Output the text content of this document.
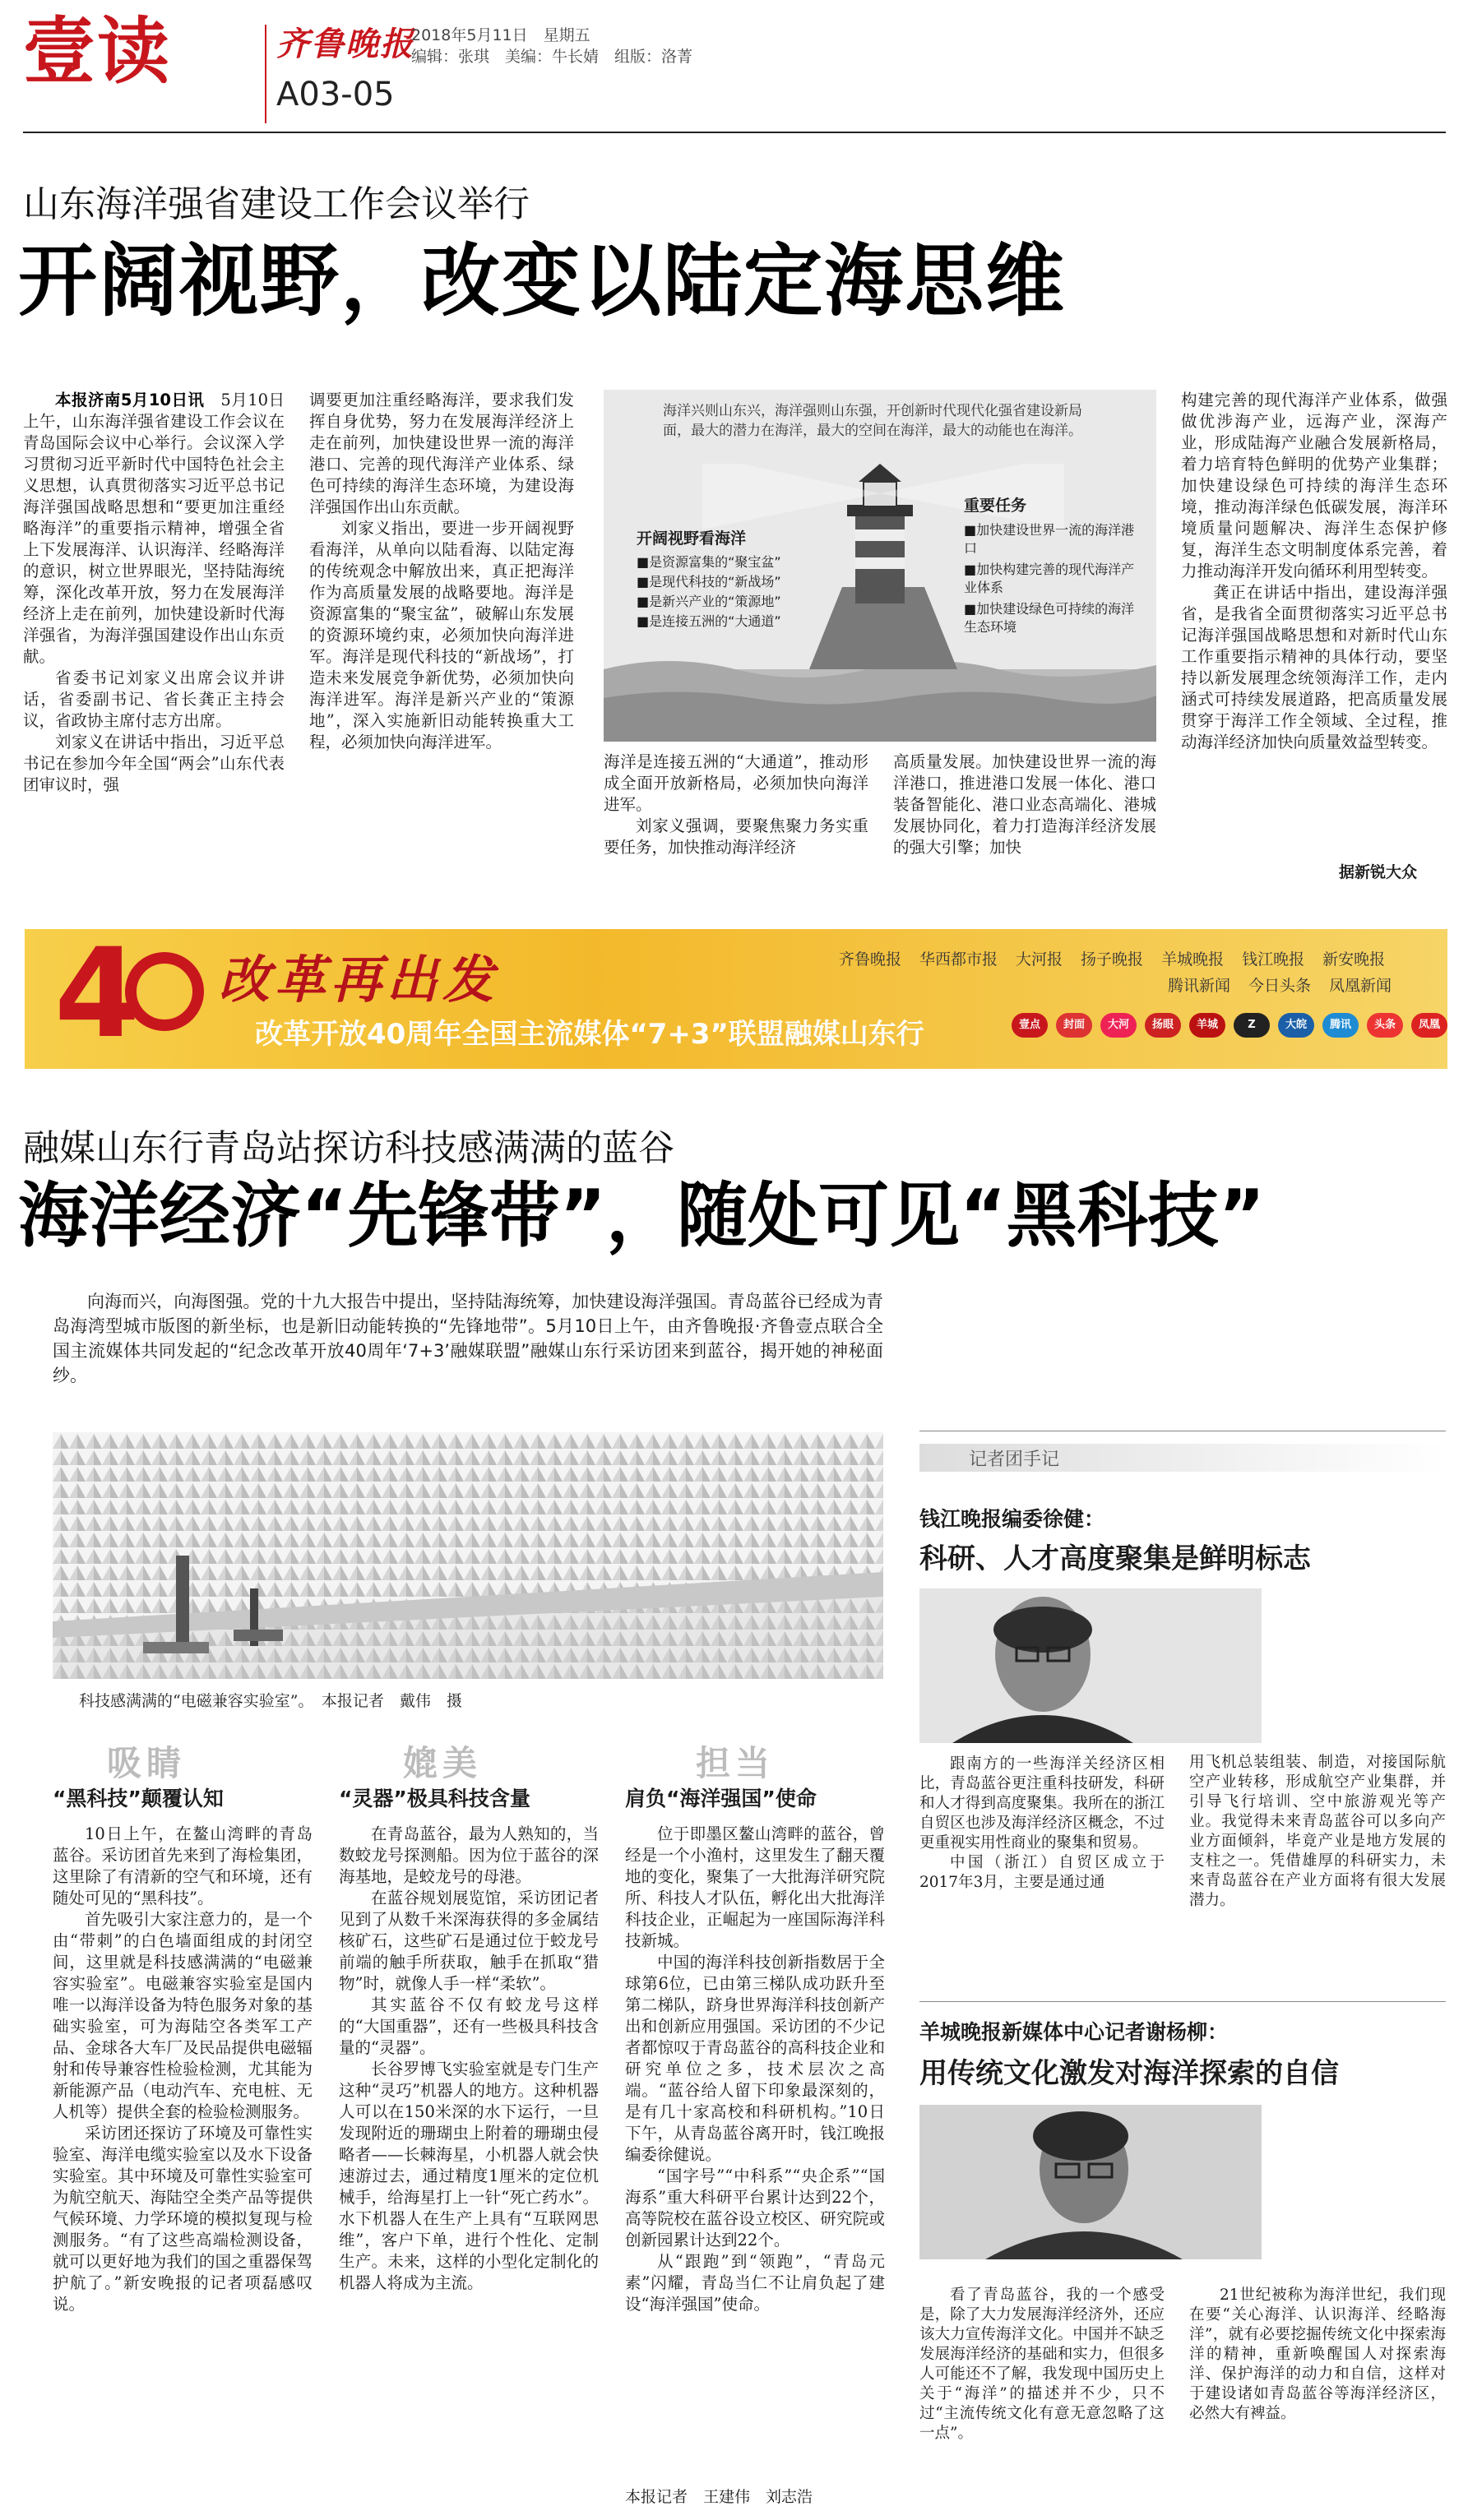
壹读	齐鲁晚报
2018年5月11日　星期五
编辑：张琪　美编：牛长婧　组版：洛菁
A03-05
山东海洋强省建设工作会议举行
开阔视野，改变以陆定海思维

本报济南5月10日讯　 5月10日上午，山东海洋强省建设工作会议在青岛国际会议中心举行。会议深入学习贯彻习近平新时代中国特色社会主义思想，认真贯彻落实习近平总书记海洋强国战略思想和“要更加注重经略海洋”的重要指示精神，增强全省上下发展海洋、认识海洋、经略海洋的意识，树立世界眼光，坚持陆海统筹，深化改革开放，努力在发展海洋经济上走在前列，加快建设新时代海洋强省，为海洋强国建设作出山东贡献。

省委书记刘家义出席会议并讲话，省委副书记、省长龚正主持会议，省政协主席付志方出席。

刘家义在讲话中指出，习近平总书记在参加今年全国“两会”山东代表团审议时，强

调要更加注重经略海洋，要求我们发挥自身优势，努力在发展海洋经济上走在前列，加快建设世界一流的海洋港口、完善的现代海洋产业体系、绿色可持续的海洋生态环境，为建设海洋强国作出山东贡献。

刘家义指出，要进一步开阔视野看海洋，从单向以陆看海、以陆定海的传统观念中解放出来，真正把海洋作为高质量发展的战略要地。海洋是资源富集的“聚宝盆”，破解山东发展的资源环境约束，必须加快向海洋进军。海洋是现代科技的“新战场”，打造未来发展竞争新优势，必须加快向海洋进军。海洋是新兴产业的“策源地”，深入实施新旧动能转换重大工程，必须加快向海洋进军。

海洋兴则山东兴，海洋强则山东强，开创新时代现代化强省建设新局面，最大的潜力在海洋，最大的空间在海洋，最大的动能也在海洋。
开阔视野看海洋
■是资源富集的“聚宝盆”
■是现代科技的“新战场”
■是新兴产业的“策源地”
■是连接五洲的“大通道”
重要任务
■加快建设世界一流的海洋港口
■加快构建完善的现代海洋产业体系
■加快建设绿色可持续的海洋生态环境

海洋是连接五洲的“大通道”，推动形成全面开放新格局，必须加快向海洋进军。

刘家义强调，要聚焦聚力务实重要任务，加快推动海洋经济

高质量发展。加快建设世界一流的海洋港口，推进港口发展一体化、港口装备智能化、港口业态高端化、港城发展协同化，着力打造海洋经济发展的强大引擎；加快

构建完善的现代海洋产业体系，做强做优涉海产业，远海产业，深海产业，形成陆海产业融合发展新格局，着力培育特色鲜明的优势产业集群；加快建设绿色可持续的海洋生态环境，推动海洋绿色低碳发展，海洋环境质量问题解决、海洋生态保护修复，海洋生态文明制度体系完善，着力推动海洋开发向循环利用型转变。

龚正在讲话中指出，建设海洋强省，是我省全面贯彻落实习近平总书记海洋强国战略思想和对新时代山东工作重要指示精神的具体行动，要坚持以新发展理念统领海洋工作，走内涵式可持续发展道路，把高质量发展贯穿于海洋工作全领域、全过程，推动海洋经济加快向质量效益型转变。

据新锐大众
4 改革再出发
改革开放40周年全国主流媒体“7+3”联盟融媒山东行
齐鲁晚报 华西都市报 大河报 扬子晚报 羊城晚报 钱江晚报 新安晚报
腾讯新闻 今日头条 凤凰新闻
壹点 封面 大河 扬眼 羊城	Z	大皖 腾讯 头条 凤凰
融媒山东行青岛站探访科技感满满的蓝谷
海洋经济“先锋带”，随处可见“黑科技”
向海而兴，向海图强。党的十九大报告中提出，坚持陆海统筹，加快建设海洋强国。青岛蓝谷已经成为青岛海湾型城市版图的新坐标，也是新旧动能转换的“先锋地带”。5月10日上午，由齐鲁晚报·齐鲁壹点联合全国主流媒体共同发起的“纪念改革开放40周年‘7+3’融媒联盟”融媒山东行采访团来到蓝谷，揭开她的神秘面纱。
科技感满满的“电磁兼容实验室”。　本报记者　戴伟　摄
吸睛
“黑科技”颠覆认知

10日上午，在鳌山湾畔的青岛蓝谷。采访团首先来到了海检集团，这里除了有清新的空气和环境，还有随处可见的“黑科技”。

首先吸引大家注意力的，是一个由“带刺”的白色墙面组成的封闭空间，这里就是科技感满满的“电磁兼容实验室”。电磁兼容实验室是国内唯一以海洋设备为特色服务对象的基础实验室，可为海陆空各类军工产品、金球各大车厂及民品提供电磁辐射和传导兼容性检验检测，尤其能为新能源产品（电动汽车、充电桩、无人机等）提供全套的检验检测服务。

采访团还探访了环境及可靠性实验室、海洋电缆实验室以及水下设备实验室。其中环境及可靠性实验室可为航空航天、海陆空全类产品等提供气候环境、力学环境的模拟复现与检测服务。“有了这些高端检测设备，就可以更好地为我们的国之重器保驾护航了。”新安晚报的记者项磊感叹说。

媲美
“灵器”极具科技含量

在青岛蓝谷，最为人熟知的，当数蛟龙号探测船。因为位于蓝谷的深海基地，是蛟龙号的母港。

在蓝谷规划展览馆，采访团记者见到了从数千米深海获得的多金属结核矿石，这些矿石是通过位于蛟龙号前端的触手所获取，触手在抓取“猎物”时，就像人手一样“柔软”。

其实蓝谷不仅有蛟龙号这样的“大国重器”，还有一些极具科技含量的“灵器”。

长谷罗博飞实验室就是专门生产这种“灵巧”机器人的地方。这种机器人可以在150米深的水下运行，一旦发现附近的珊瑚虫上附着的珊瑚虫侵略者——长棘海星，小机器人就会快速游过去，通过精度1厘米的定位机械手，给海星打上一针“死亡药水”。水下机器人在生产上具有“互联网思维”，客户下单，进行个性化、定制生产。未来，这样的小型化定制化的机器人将成为主流。

担当
肩负“海洋强国”使命

位于即墨区鳌山湾畔的蓝谷，曾经是一个小渔村，这里发生了翻天覆地的变化，聚集了一大批海洋研究院所、科技人才队伍，孵化出大批海洋科技企业，正崛起为一座国际海洋科技新城。

中国的海洋科技创新指数居于全球第6位，已由第三梯队成功跃升至第二梯队，跻身世界海洋科技创新产出和创新应用强国。采访团的不少记者都惊叹于青岛蓝谷的高科技企业和研究单位之多，技术层次之高端。“蓝谷给人留下印象最深刻的，是有几十家高校和科研机构。”10日下午，从青岛蓝谷离开时，钱江晚报编委徐健说。

“国字号”“中科系”“央企系”“国海系”重大科研平台累计达到22个，高等院校在蓝谷设立校区、研究院或创新园累计达到22个。

从“跟跑”到“领跑”，“青岛元素”闪耀，青岛当仁不让肩负起了建设“海洋强国”使命。

本报记者　王建伟　刘志浩
记者团手记
钱江晚报编委徐健：
科研、人才高度聚集是鲜明标志

跟南方的一些海洋关经济区相比，青岛蓝谷更注重科技研发，科研和人才得到高度聚集。我所在的浙江自贸区也涉及海洋经济区概念，不过更重视实用性商业的聚集和贸易。

中国（浙江）自贸区成立于2017年3月，主要是通过通

用飞机总装组装、制造，对接国际航空产业转移，形成航空产业集群，并引导飞行培训、空中旅游观光等产业。我觉得未来青岛蓝谷可以多向产业方面倾斜，毕竟产业是地方发展的支柱之一。凭借雄厚的科研实力，未来青岛蓝谷在产业方面将有很大发展潜力。

羊城晚报新媒体中心记者谢杨柳：
用传统文化激发对海洋探索的自信

看了青岛蓝谷，我的一个感受是，除了大力发展海洋经济外，还应该大力宣传海洋文化。中国并不缺乏发展海洋经济的基础和实力，但很多人可能还不了解，我发现中国历史上关于“海洋”的描述并不少，只不过“主流传统文化有意无意忽略了这一点”。

21世纪被称为海洋世纪，我们现在要“关心海洋、认识海洋、经略海洋”，就有必要挖掘传统文化中探索海洋的精神，重新唤醒国人对探索海洋、保护海洋的动力和自信，这样对于建设诸如青岛蓝谷等海洋经济区，必然大有裨益。
